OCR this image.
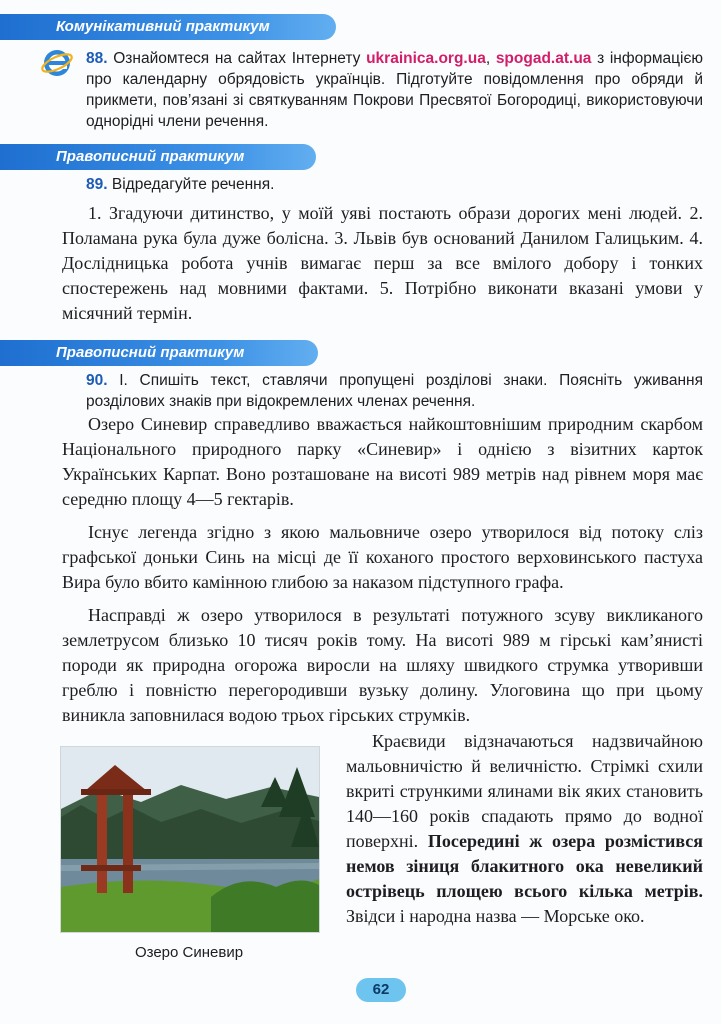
Комунікативний практикум

88. Ознайомтеся на сайтах Інтернету ukrainica.org.ua, spogad.at.ua з інформацією про календарну обрядовість українців. Підготуйте повідомлення про обряди й прикмети, пов’язані зі святкуванням Покрови Пресвятої Богородиці, використовуючи однорідні члени речення.

Правописний практикум

89. Відредагуйте речення.

1. Згадуючи дитинство, у моїй уяві постають образи дорогих мені людей. 2. Поламана рука була дуже болісна. 3. Львів був оснований Данилом Галицьким. 4. Дослідницька робота учнів вимагає перш за все вмілого добору і тонких спостережень над мовними фактами. 5. Потрібно виконати вказані умови у місячний термін.

Правописний практикум

90. І. Спишіть текст, ставлячи пропущені розділові знаки. Поясніть уживання розділових знаків при відокремлених членах речення.

Озеро Синевир справедливо вважається найкоштовнішим природним скарбом Національного природного парку «Синевир» і однією з візитних карток Українських Карпат. Воно розташоване на висоті 989 метрів над рівнем моря має середню площу 4—5 гектарів.

Існує легенда згідно з якою мальовниче озеро утворилося від потоку сліз графської доньки Синь на місці де її коханого простого верховинського пастуха Вира було вбито камінною глибою за наказом підступного графа.

Насправді ж озеро утворилося в результаті потужного зсуву викликаного землетрусом близько 10 тисяч років тому. На висоті 989 м гірські кам’янисті породи як природна огорожа виросли на шляху швидкого струмка утворивши греблю і повністю перегородивши вузьку долину. Улоговина що при цьому виникла заповнилася водою трьох гірських струмків.

Озеро Синевир

Краєвиди відзначаються надзвичайною мальовничістю й величністю. Стрімкі схили вкриті стрункими ялинами вік яких становить 140—160 років спадають прямо до водної поверхні. Посередині ж озера розмістився немов зіниця блакитного ока невеликий острівець площею всього кілька метрів. Звідси і народна назва — Морське око.

62
